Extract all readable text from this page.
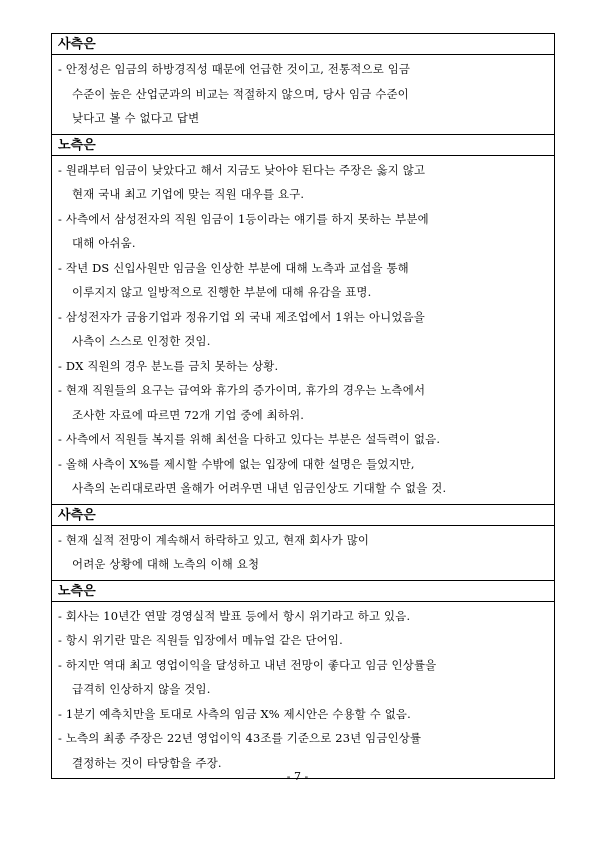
사측은
- 안정성은 임금의 하방경직성 때문에 언급한 것이고, 전통적으로 임금
수준이 높은 산업군과의 비교는 적절하지 않으며, 당사 임금 수준이
낮다고 볼 수 없다고 답변
노측은
- 원래부터 임금이 낮았다고 해서 지금도 낮아야 된다는 주장은 옳지 않고
현재 국내 최고 기업에 맞는 직원 대우를 요구.
- 사측에서 삼성전자의 직원 임금이 1등이라는 얘기를 하지 못하는 부분에
대해 아쉬움.
- 작년 DS 신입사원만 임금을 인상한 부분에 대해 노측과 교섭을 통해
이루지지 않고 일방적으로 진행한 부분에 대해 유감을 표명.
- 삼성전자가 금융기업과 정유기업 외 국내 제조업에서 1위는 아니었음을
사측이 스스로 인정한 것임.
- DX 직원의 경우 분노를 금치 못하는 상황.
- 현재 직원들의 요구는 급여와 휴가의 증가이며, 휴가의 경우는 노측에서
조사한 자료에 따르면 72개 기업 중에 최하위.
- 사측에서 직원들 복지를 위해 최선을 다하고 있다는 부분은 설득력이 없음.
- 올해 사측이 X%를 제시할 수밖에 없는 입장에 대한 설명은 들었지만,
사측의 논리대로라면 올해가 어려우면 내년 임금인상도 기대할 수 없을 것.
사측은
- 현재 실적 전망이 계속해서 하락하고 있고, 현재 회사가 많이
어려운 상황에 대해 노측의 이해 요청
노측은
- 회사는 10년간 연말 경영실적 발표 등에서 항시 위기라고 하고 있음.
- 항시 위기란 말은 직원들 입장에서 메뉴얼 같은 단어임.
- 하지만 역대 최고 영업이익을 달성하고 내년 전망이 좋다고 임금 인상률을
급격히 인상하지 않을 것임.
- 1분기 예측치만을 토대로 사측의 임금 X% 제시안은 수용할 수 없음.
- 노측의 최종 주장은 22년 영업이익 43조를 기준으로 23년 임금인상률
결정하는 것이 타당함을 주장.
- 7 -
